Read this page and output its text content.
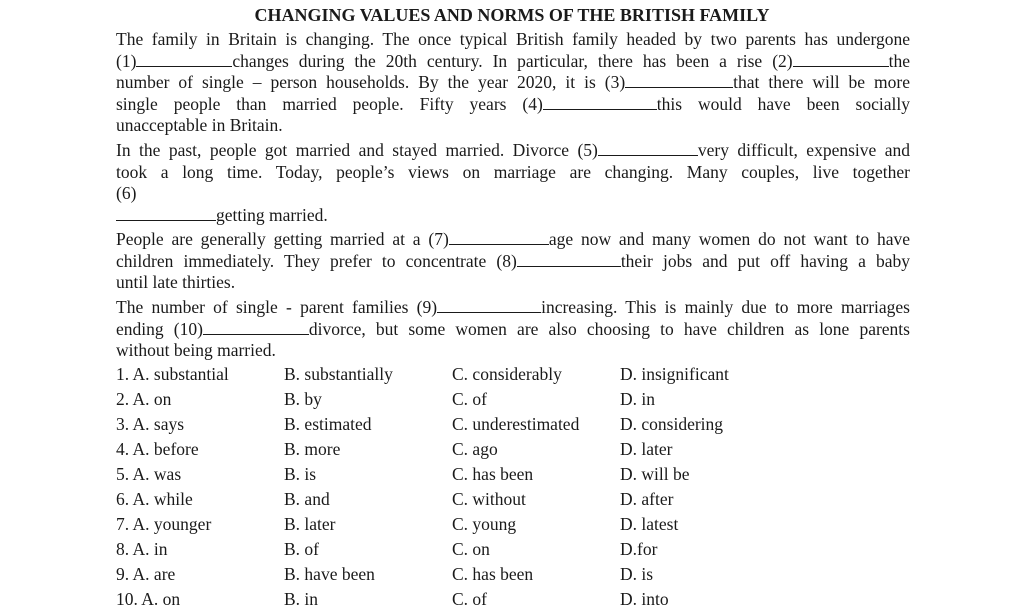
CHANGING VALUES AND NORMS OF THE BRITISH FAMILY
The family in Britain is changing. The once typical British family headed by two parents has undergone
(1)	changes during the 20th century. In particular, there has been a rise (2)	the
number of single – person households. By the year 2020, it is (3)	that there will be more
single people than married people. Fifty years (4)	this would have been socially
unacceptable in Britain.
In the past, people got married and stayed married. Divorce (5)	very difficult, expensive and
took a long time. Today, people’s views on marriage are changing. Many couples, live together
(6)
getting married.
People are generally getting married at a (7)	age now and many women do not want to have
children immediately. They prefer to concentrate (8)	their jobs and put off having a baby
until late thirties.
The number of single - parent families (9)	increasing. This is mainly due to more marriages
ending (10)	divorce, but some women are also choosing to have children as lone parents
without being married.
1. A. substantial	B. substantially	C. considerably	D. insignificant
2. A. on	B. by	C. of	D. in
3. A. says	B. estimated	C. underestimated D. considering
4. A. before	B. more	C. ago	D. later
5. A. was	B. is	C. has been	D. will be
6. A. while	B. and	C. without	D. after
7. A. younger	B. later	C. young	D. latest
8. A. in	B. of	C. on	D.for
9. A. are	B. have been	C. has been	D. is
10. A. on	B. in	C. of	D. into
